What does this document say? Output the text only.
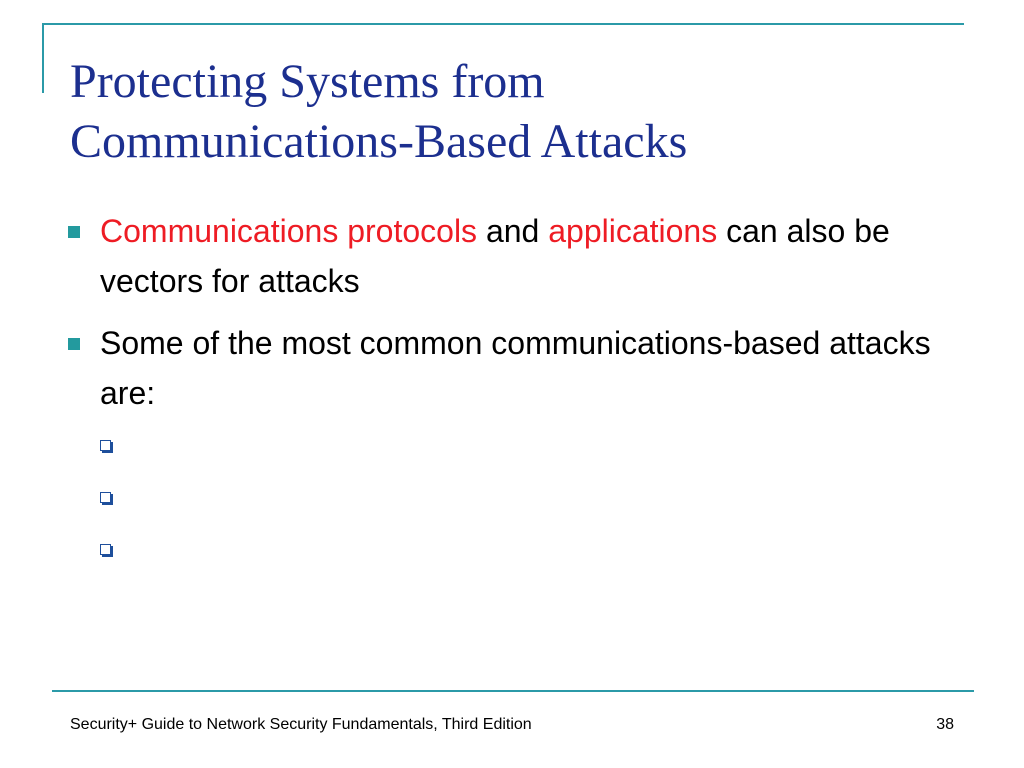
Protecting Systems from
Communications-Based Attacks
Communications protocols and applications can also be vectors for attacks
Some of the most common communications-based attacks are:
Security+ Guide to Network Security Fundamentals, Third Edition	38
